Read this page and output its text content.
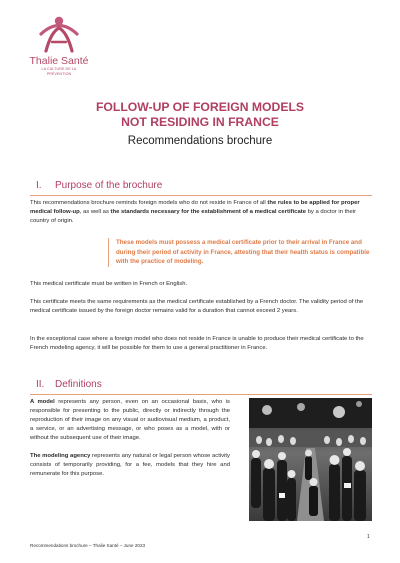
Thalie Santé
LA CULTURE DE LA PRÉVENTION
FOLLOW-UP OF FOREIGN MODELS
NOT RESIDING IN FRANCE
Recommendations brochure
I. Purpose of the brochure

This recommendations brochure reminds foreign models who do not reside in France of all the rules to be applied for proper medical follow-up, as well as the standards necessary for the establishment of a medical certificate by a doctor in their country of origin.

These models must possess a medical certificate prior to their arrival in France and during their period of activity in France, attesting that their health status is compatible with the practice of modeling.

This medical certificate must be written in French or English.

This certificate meets the same requirements as the medical certificate established by a French doctor. The validity period of the medical certificate issued by the foreign doctor remains valid for a duration that cannot exceed 2 years.

In the exceptional case where a foreign model who does not reside in France is unable to produce their medical certificate to the French modeling agency, it will be possible for them to use a general practitioner in France.

II. Definitions

A model represents any person, even on an occasional basis, who is responsible for presenting to the public, directly or indirectly through the reproduction of their image on any visual or audiovisual medium, a product, a service, or an advertising message, or who poses as a model, with or without the subsequent use of their image.

The modeling agency represents any natural or legal person whose activity consists of temporarily providing, for a fee, models that they hire and remunerate for this purpose.

1
Recommendations brochure – Thalie Santé – June 2023
